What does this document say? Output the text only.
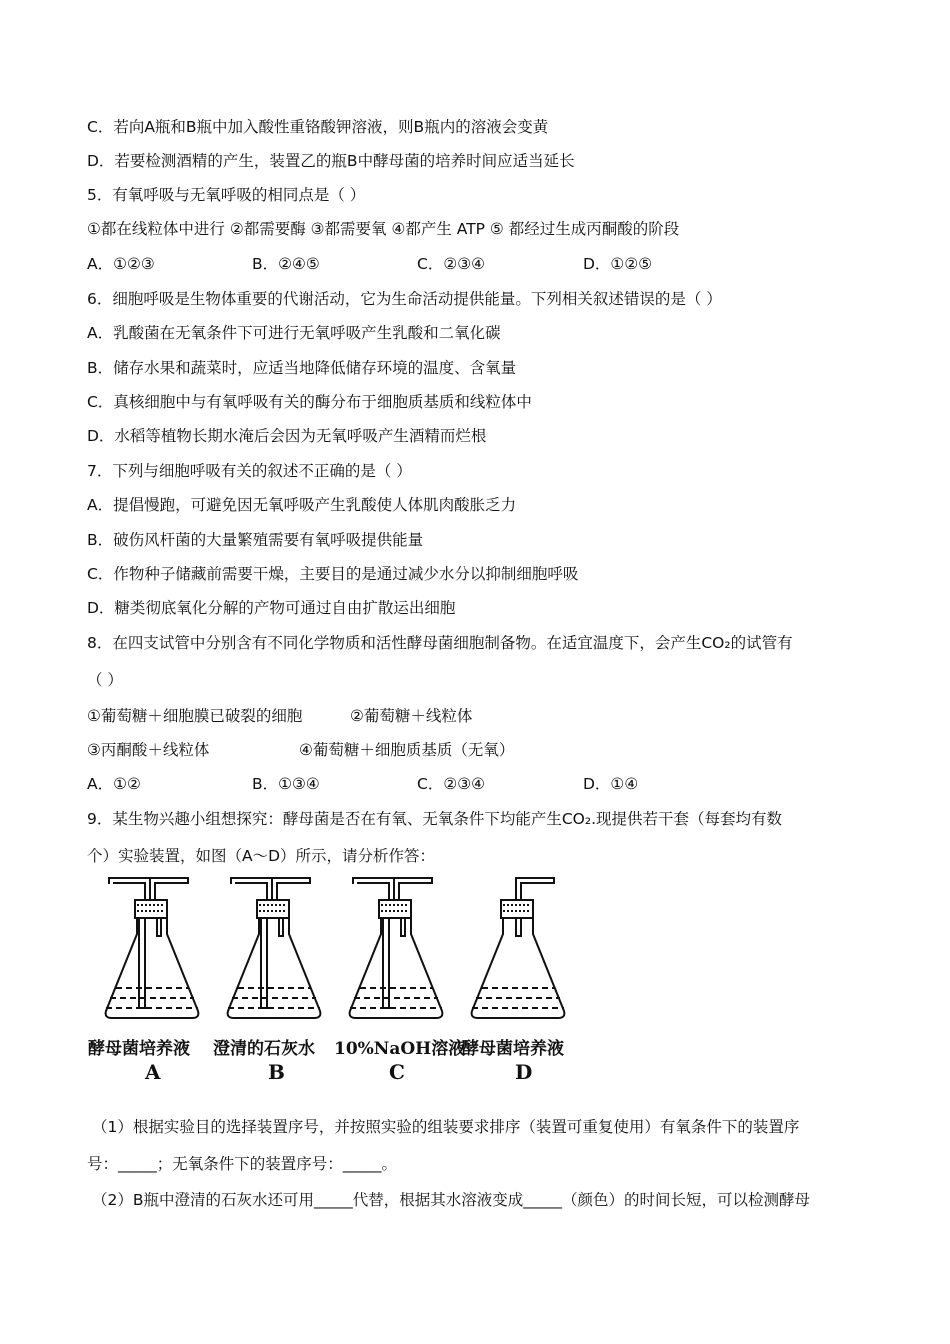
C．若向A瓶和B瓶中加入酸性重铬酸钾溶液，则B瓶内的溶液会变黄
D．若要检测酒精的产生，装置乙的瓶B中酵母菌的培养时间应适当延长
5．有氧呼吸与无氧呼吸的相同点是（ ）
①都在线粒体中进行 ②都需要酶 ③都需要氧 ④都产生 ATP ⑤ 都经过生成丙酮酸的阶段
A．①②③	B．②④⑤	C．②③④	D．①②⑤
6．细胞呼吸是生物体重要的代谢活动，它为生命活动提供能量。下列相关叙述错误的是（ ）
A．乳酸菌在无氧条件下可进行无氧呼吸产生乳酸和二氧化碳
B．储存水果和蔬菜时，应适当地降低储存环境的温度、含氧量
C．真核细胞中与有氧呼吸有关的酶分布于细胞质基质和线粒体中
D．水稻等植物长期水淹后会因为无氧呼吸产生酒精而烂根
7．下列与细胞呼吸有关的叙述不正确的是（ ）
A．提倡慢跑，可避免因无氧呼吸产生乳酸使人体肌肉酸胀乏力
B．破伤风杆菌的大量繁殖需要有氧呼吸提供能量
C．作物种子储藏前需要干燥，主要目的是通过减少水分以抑制细胞呼吸
D．糖类彻底氧化分解的产物可通过自由扩散运出细胞
8．在四支试管中分别含有不同化学物质和活性酵母菌细胞制备物。在适宜温度下，会产生CO₂的试管有
（ ）
①葡萄糖＋细胞膜已破裂的细胞	②葡萄糖＋线粒体
③丙酮酸＋线粒体	④葡萄糖＋细胞质基质（无氧）
A．①②	B．①③④	C．②③④	D．①④
9．某生物兴趣小组想探究：酵母菌是否在有氧、无氧条件下均能产生CO₂.现提供若干套（每套均有数
个）实验装置，如图（A～D）所示，请分析作答：
酵母菌培养液 澄清的石灰水 10%NaOH溶液
酵母菌培养液
A	B	C	D
（1）根据实验目的选择装置序号，并按照实验的组装要求排序（装置可重复使用）有氧条件下的装置序
号：_____；无氧条件下的装置序号：_____。
（2）B瓶中澄清的石灰水还可用_____代替，根据其水溶液变成_____（颜色）的时间长短，可以检测酵母
